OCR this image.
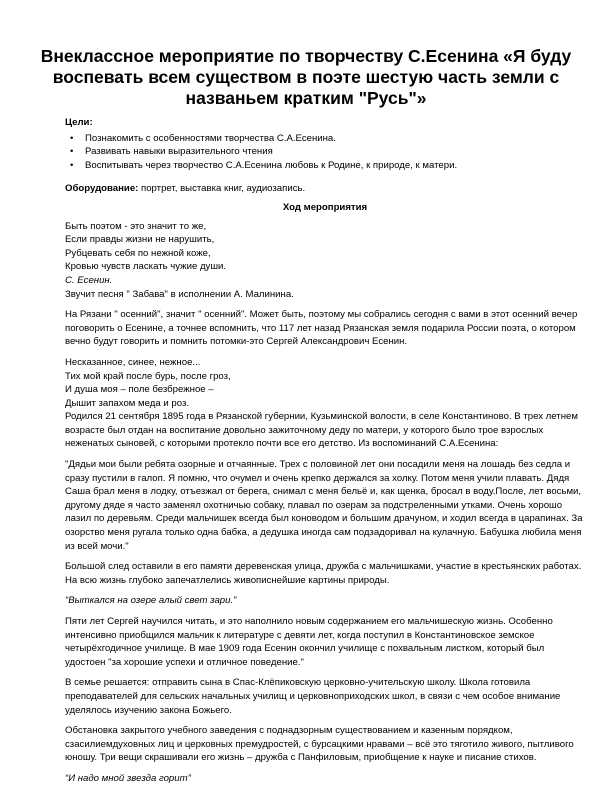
Внеклассное мероприятие по творчеству С.Есенина «Я буду воспевать всем существом в поэте шестую часть земли с названьем кратким "Русь"»

Цели:

• Познакомить с особенностями творчества С.А.Есенина.
• Развивать навыки выразительного чтения
• Воспитывать через творчество С.А.Есенина любовь к Родине, к природе, к матери.

Оборудование: портрет, выставка книг, аудиозапись.

Ход мероприятия

Быть поэтом - это значит то же,
Если правды жизни не нарушить,
Рубцевать себя по нежной коже,
Кровью чувств ласкать чужие души.
С. Есенин.

Звучит песня " Забава" в исполнении А. Малинина.

На Рязани " осенний", значит " осенний". Может быть, поэтому мы собрались сегодня с вами в этот осенний вечер поговорить о Есенине, а точнее вспомнить, что 117 лет назад Рязанская земля подарила России поэта, о котором вечно будут говорить и помнить потомки-это Сергей Александрович Есенин.

Несказанное, синее, нежное...
Тих мой край после бурь, после гроз,
И душа моя – поле безбрежное –
Дышит запахом меда и роз.

Родился 21 сентября 1895 года в Рязанской губернии, Кузьминской волости, в селе Константиново. В трех летнем возрасте был отдан на воспитание довольно зажиточному деду по матери, у которого было трое взрослых неженатых сыновей, с которыми протекло почти все его детство. Из воспоминаний С.А.Есенина:

"Дядьи мои были ребята озорные и отчаянные. Трех с половиной лет они посадили меня на лошадь без седла и сразу пустили в галоп. Я помню, что очумел и очень крепко держался за холку. Потом меня учили плавать. Дядя Саша брал меня в лодку, отъезжал от берега, снимал с меня бельё и, как щенка, бросал в воду.После, лет восьми, другому дяде я часто заменял охотничью собаку, плавал по озерам за подстреленными утками. Очень хорошо лазил по деревьям. Среди мальчишек всегда был коноводом и большим драчуном, и ходил всегда в царапинах. За озорство меня ругала только одна бабка, а дедушка иногда сам подзадоривал на кулачную. Бабушка любила меня из всей мочи."

Большой след оставили в его памяти деревенская улица, дружба с мальчишками, участие в крестьянских работах. На всю жизнь глубоко запечатлелись живописнейшие картины природы.

“Выткался на озере алый свет зари.”

Пяти лет Сергей научился читать, и это наполнило новым содержанием его мальчишескую жизнь. Особенно интенсивно приобщился мальчик к литературе с девяти лет, когда поступил в Константиновское земское четырёхгодичное училище. В мае 1909 года Есенин окончил училище с похвальным листком, который был удостоен "за хорошие успехи и отличное поведение."

В семье решается: отправить сына в Спас-Клёпиковскую церковно-учительскую школу. Школа готовила преподавателей для сельских начальных училищ и церковноприходских школ, в связи с чем особое внимание уделялось изучению закона Божьего.

Обстановка закрытого учебного заведения с поднадзорным существованием и казенным порядком, сзасилиемдуховных лиц и церковных премудростей, с бурсацкими нравами – всё это тяготило живого, пытливого юношу. Три вещи скрашивали его жизнь – дружба с Панфиловым, приобщение к науке и писание стихов.

“И надо мной звезда горит”
